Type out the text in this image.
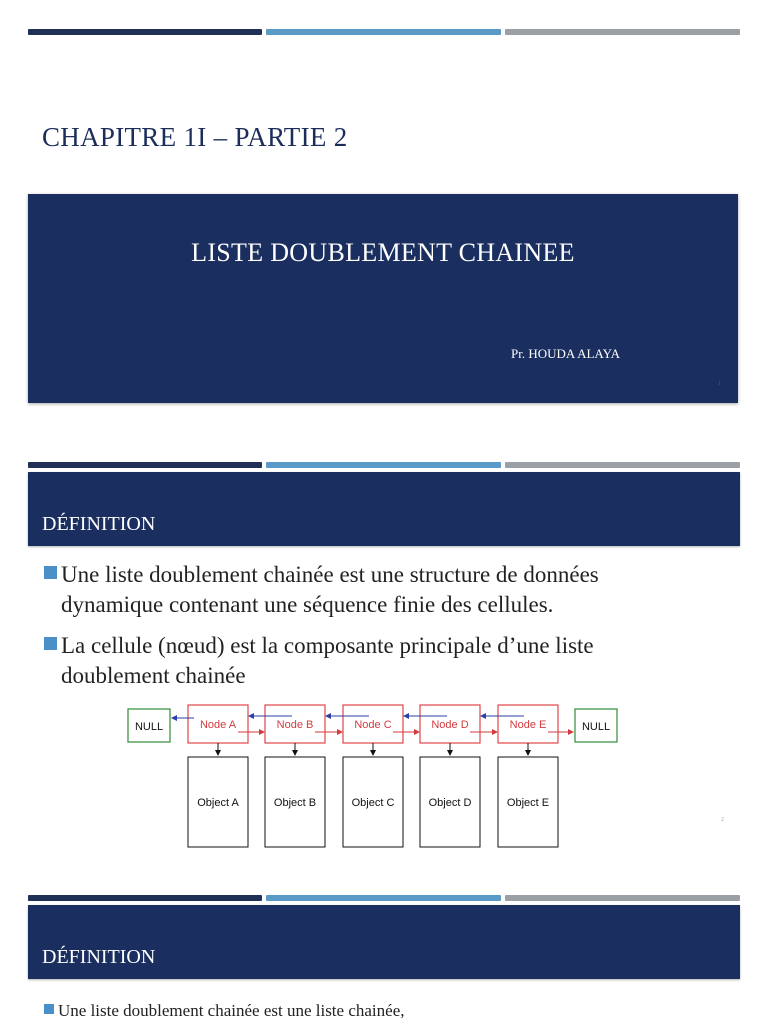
CHAPITRE 1I – PARTIE 2
LISTE DOUBLEMENT CHAINEE
Pr. HOUDA ALAYA
1
DÉFINITION
Une liste doublement chainée est une structure de données
dynamique contenant une séquence finie des cellules.
La cellule (nœud) est la composante principale d’une liste
doublement chainée
NULL	NULL
Node A	Node B	Node C	Node D	Node E
Object A	Object B	Object C	Object D	Object E
2
DÉFINITION
Une liste doublement chainée est une liste chainée,
